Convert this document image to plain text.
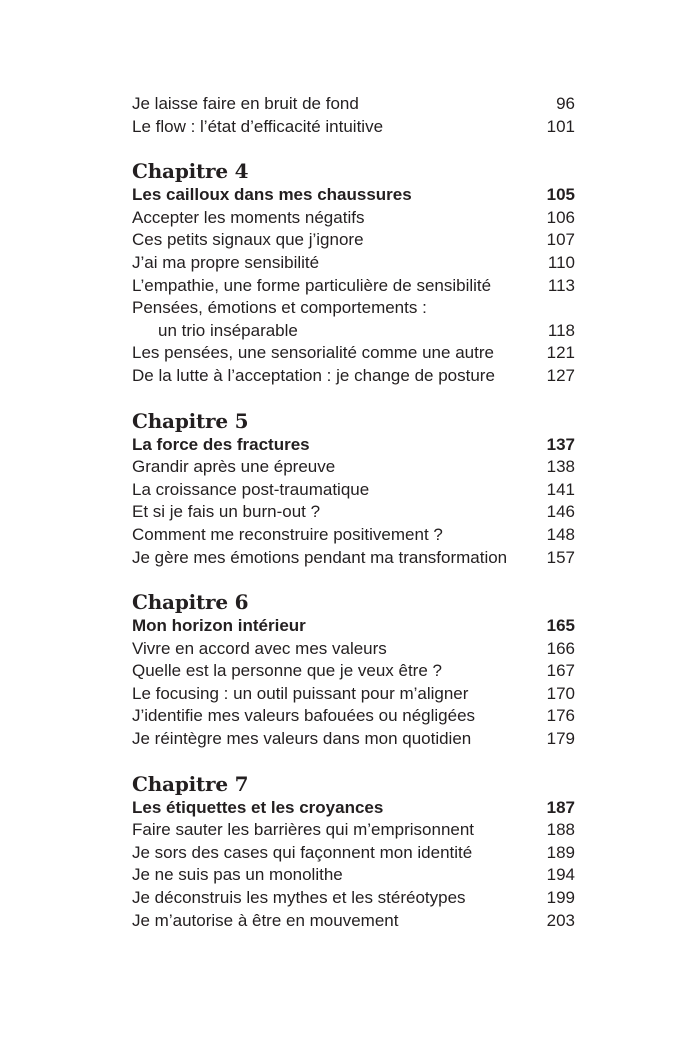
Je laisse faire en bruit de fond	96
Le flow : l’état d’efficacité intuitive	101
Chapitre 4
Les cailloux dans mes chaussures	105
Accepter les moments négatifs	106
Ces petits signaux que j’ignore	107
J’ai ma propre sensibilité	110
L’empathie, une forme particulière de sensibilité	113
Pensées, émotions et comportements :
un trio inséparable	118
Les pensées, une sensorialité comme une autre	121
De la lutte à l’acceptation : je change de posture	127
Chapitre 5
La force des fractures	137
Grandir après une épreuve	138
La croissance post-traumatique	141
Et si je fais un burn-out ?	146
Comment me reconstruire positivement ?	148
Je gère mes émotions pendant ma transformation 157
Chapitre 6
Mon horizon intérieur	165
Vivre en accord avec mes valeurs	166
Quelle est la personne que je veux être ?	167
Le focusing : un outil puissant pour m’aligner	170
J’identifie mes valeurs bafouées ou négligées	176
Je réintègre mes valeurs dans mon quotidien	179
Chapitre 7
Les étiquettes et les croyances	187
Faire sauter les barrières qui m’emprisonnent	188
Je sors des cases qui façonnent mon identité	189
Je ne suis pas un monolithe	194
Je déconstruis les mythes et les stéréotypes	199
Je m’autorise à être en mouvement	203
